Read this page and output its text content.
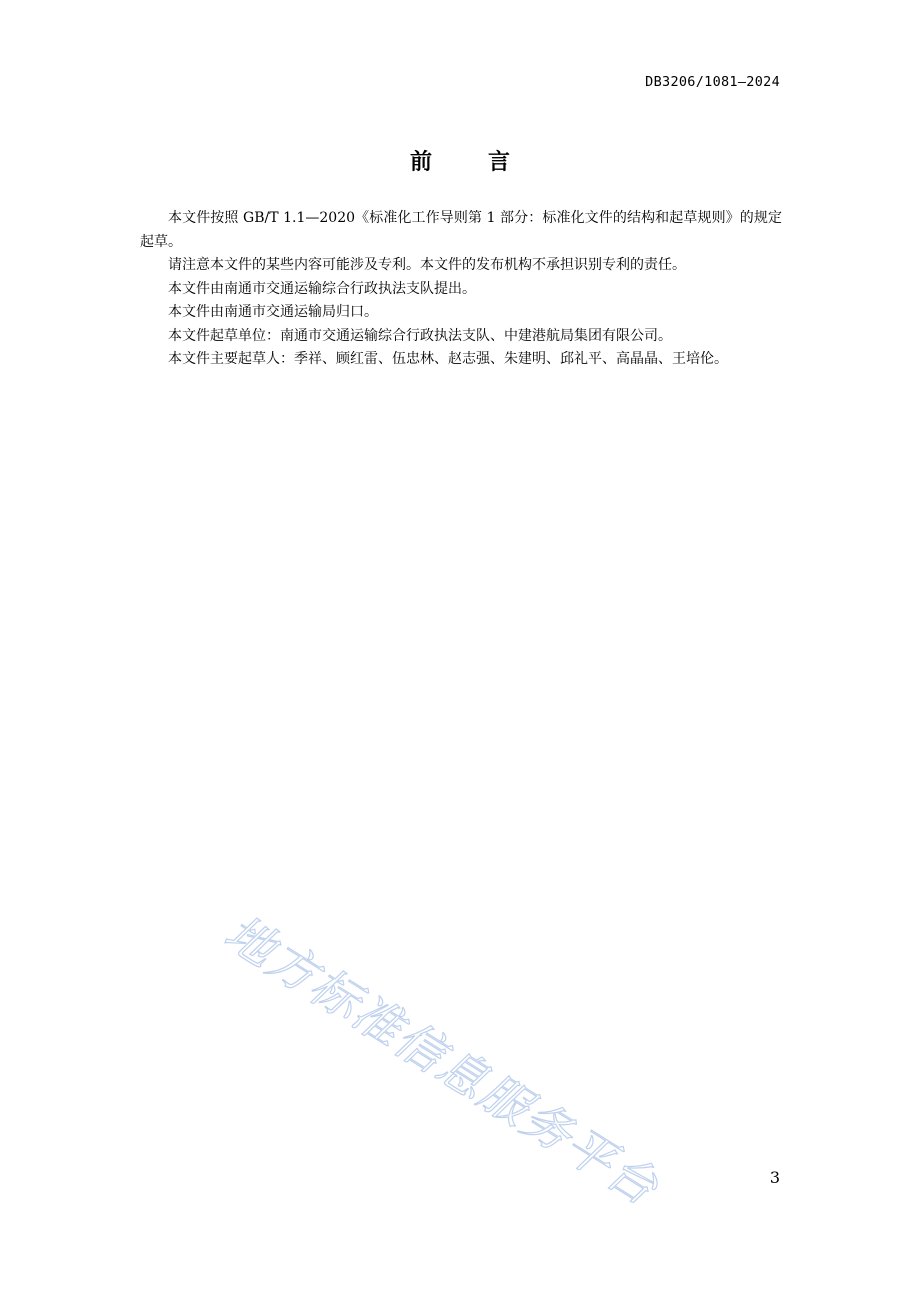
DB3206/1081—2024
前言

本文件按照 GB/T 1.1—2020《标准化工作导则第 1 部分：标准化文件的结构和起草规则》的规定起草。

请注意本文件的某些内容可能涉及专利。本文件的发布机构不承担识别专利的责任。

本文件由南通市交通运输综合行政执法支队提出。

本文件由南通市交通运输局归口。

本文件起草单位：南通市交通运输综合行政执法支队、中建港航局集团有限公司。

本文件主要起草人：季祥、顾红雷、伍忠林、赵志强、朱建明、邱礼平、高晶晶、王培伦。

地方标准信息服务平台	3
